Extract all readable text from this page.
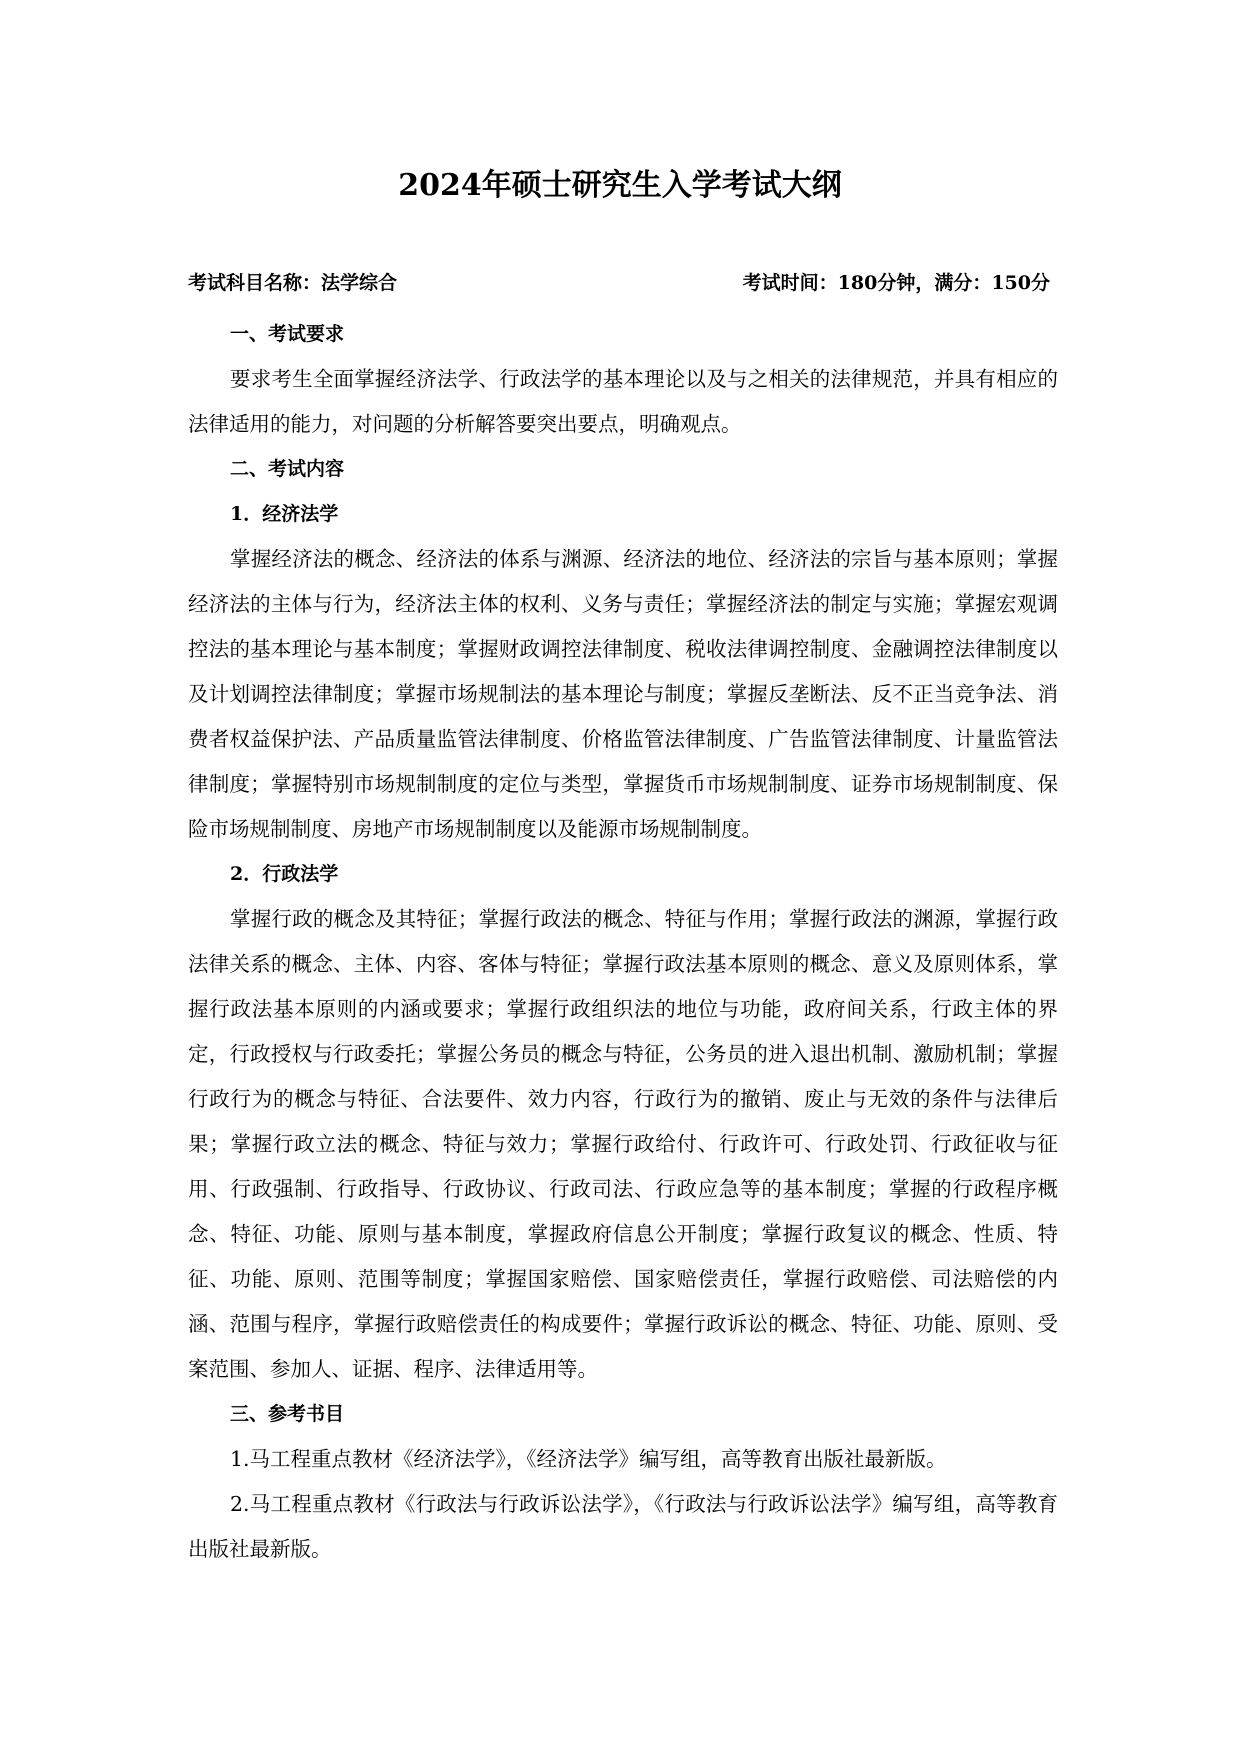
2024年硕士研究生入学考试大纲
考试科目名称：法学综合	考试时间：180分钟，满分：150分
一、考试要求

要求考生全面掌握经济法学、行政法学的基本理论以及与之相关的法律规范，并具有相应的法律适用的能力，对问题的分析解答要突出要点，明确观点。

二、考试内容
1．经济法学

掌握经济法的概念、经济法的体系与渊源、经济法的地位、经济法的宗旨与基本原则；掌握经济法的主体与行为，经济法主体的权利、义务与责任；掌握经济法的制定与实施；掌握宏观调控法的基本理论与基本制度；掌握财政调控法律制度、税收法律调控制度、金融调控法律制度以及计划调控法律制度；掌握市场规制法的基本理论与制度；掌握反垄断法、反不正当竞争法、消费者权益保护法、产品质量监管法律制度、价格监管法律制度、广告监管法律制度、计量监管法律制度；掌握特别市场规制制度的定位与类型，掌握货币市场规制制度、证券市场规制制度、保险市场规制制度、房地产市场规制制度以及能源市场规制制度。

2．行政法学

掌握行政的概念及其特征；掌握行政法的概念、特征与作用；掌握行政法的渊源，掌握行政法律关系的概念、主体、内容、客体与特征；掌握行政法基本原则的概念、意义及原则体系，掌握行政法基本原则的内涵或要求；掌握行政组织法的地位与功能，政府间关系，行政主体的界定，行政授权与行政委托；掌握公务员的概念与特征，公务员的进入退出机制、激励机制；掌握行政行为的概念与特征、合法要件、效力内容，行政行为的撤销、废止与无效的条件与法律后果；掌握行政立法的概念、特征与效力；掌握行政给付、行政许可、行政处罚、行政征收与征用、行政强制、行政指导、行政协议、行政司法、行政应急等的基本制度；掌握的行政程序概念、特征、功能、原则与基本制度，掌握政府信息公开制度；掌握行政复议的概念、性质、特征、功能、原则、范围等制度；掌握国家赔偿、国家赔偿责任，掌握行政赔偿、司法赔偿的内涵、范围与程序，掌握行政赔偿责任的构成要件；掌握行政诉讼的概念、特征、功能、原则、受案范围、参加人、证据、程序、法律适用等。

三、参考书目

1.马工程重点教材《经济法学》，《经济法学》编写组，高等教育出版社最新版。

2.马工程重点教材《行政法与行政诉讼法学》，《行政法与行政诉讼法学》编写组，高等教育出版社最新版。
